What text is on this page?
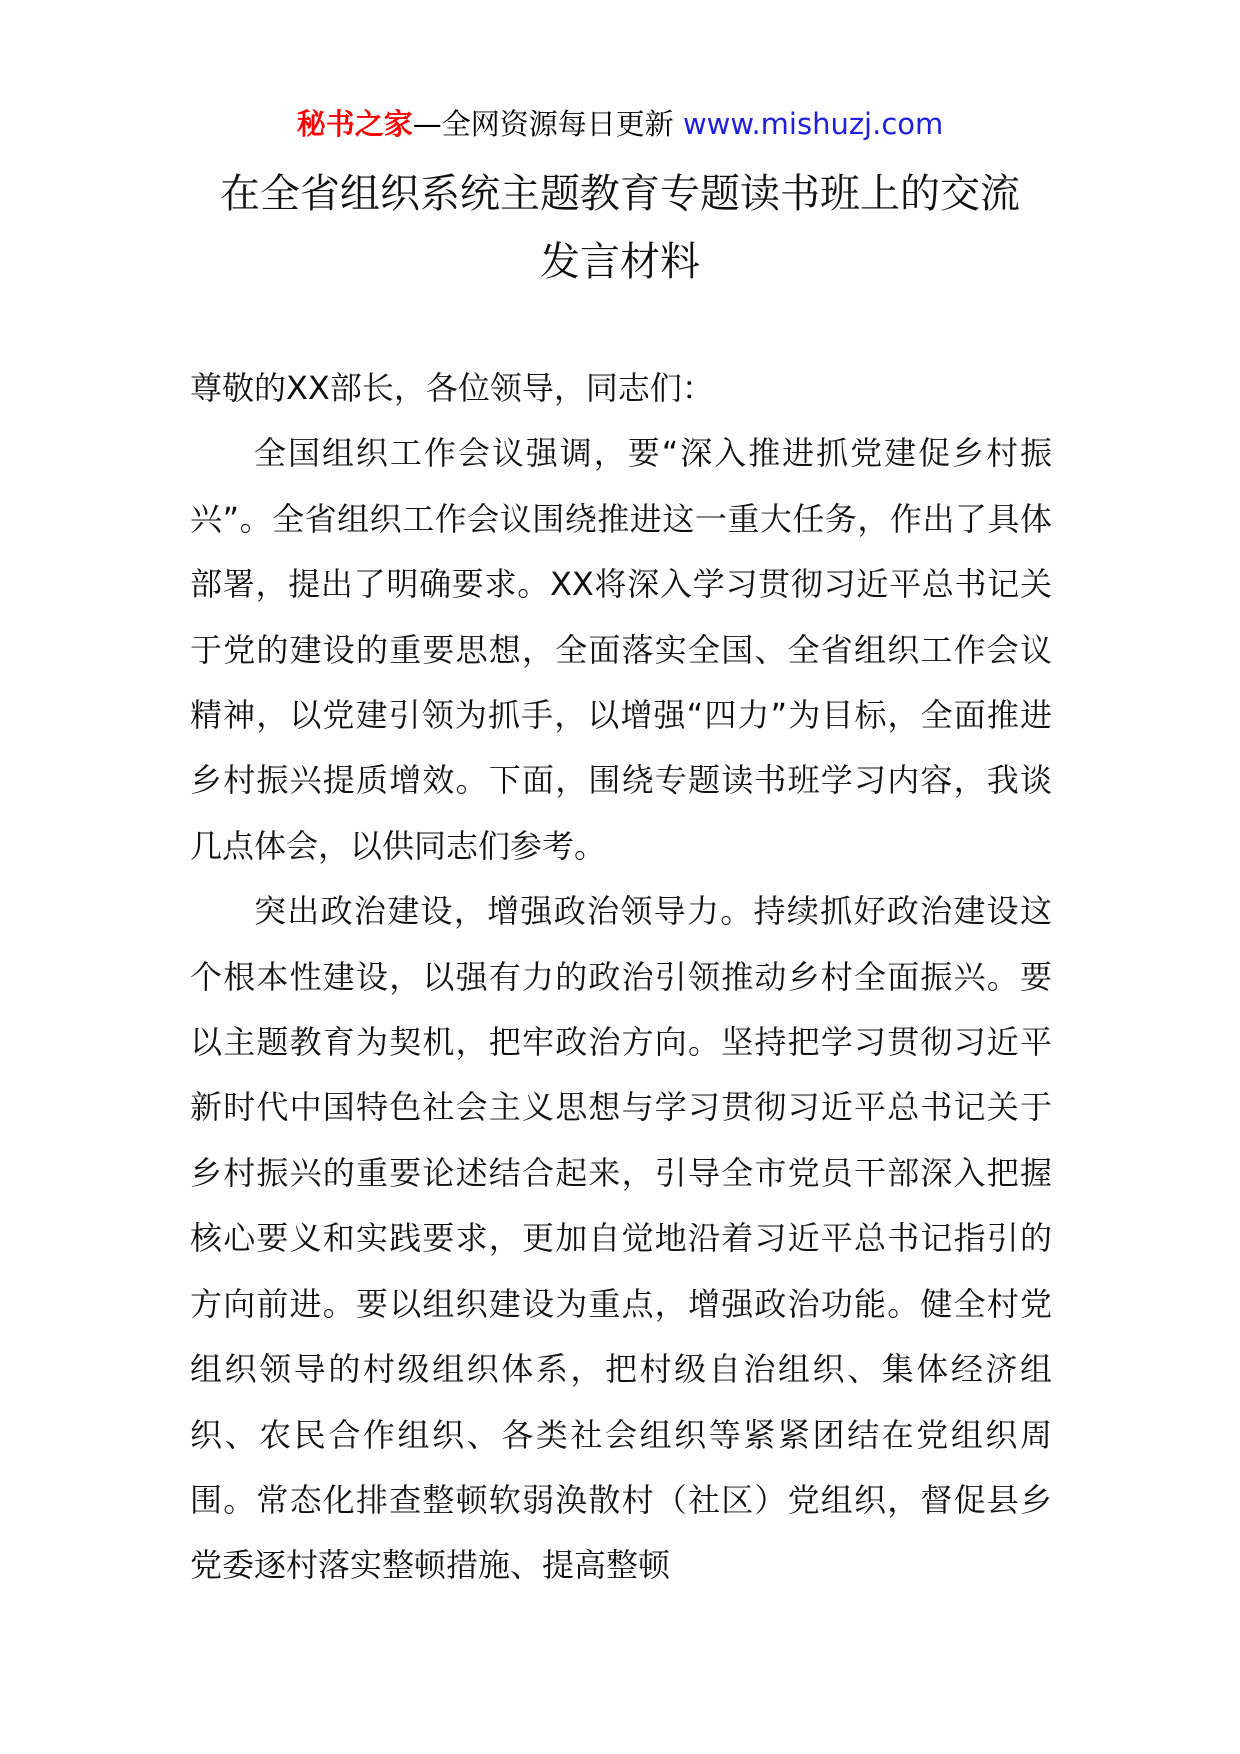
秘书之家—全网资源每日更新 www.mishuzj.com
在全省组织系统主题教育专题读书班上的交流
发言材料

尊敬的XX部长，各位领导，同志们：

全国组织工作会议强调，要“深入推进抓党建促乡村振兴”。全省组织工作会议围绕推进这一重大任务，作出了具体部署，提出了明确要求。XX将深入学习贯彻习近平总书记关于党的建设的重要思想，全面落实全国、全省组织工作会议精神，以党建引领为抓手，以增强“四力”为目标，全面推进乡村振兴提质增效。下面，围绕专题读书班学习内容，我谈几点体会，以供同志们参考。

突出政治建设，增强政治领导力。持续抓好政治建设这个根本性建设，以强有力的政治引领推动乡村全面振兴。要以主题教育为契机，把牢政治方向。坚持把学习贯彻习近平新时代中国特色社会主义思想与学习贯彻习近平总书记关于乡村振兴的重要论述结合起来，引导全市党员干部深入把握核心要义和实践要求，更加自觉地沿着习近平总书记指引的方向前进。要以组织建设为重点，增强政治功能。健全村党组织领导的村级组织体系，把村级自治组织、集体经济组织、农民合作组织、各类社会组织等紧紧团结在党组织周围。常态化排查整顿软弱涣散村（社区）党组织，督促县乡党委逐村落实整顿措施、提高整顿
